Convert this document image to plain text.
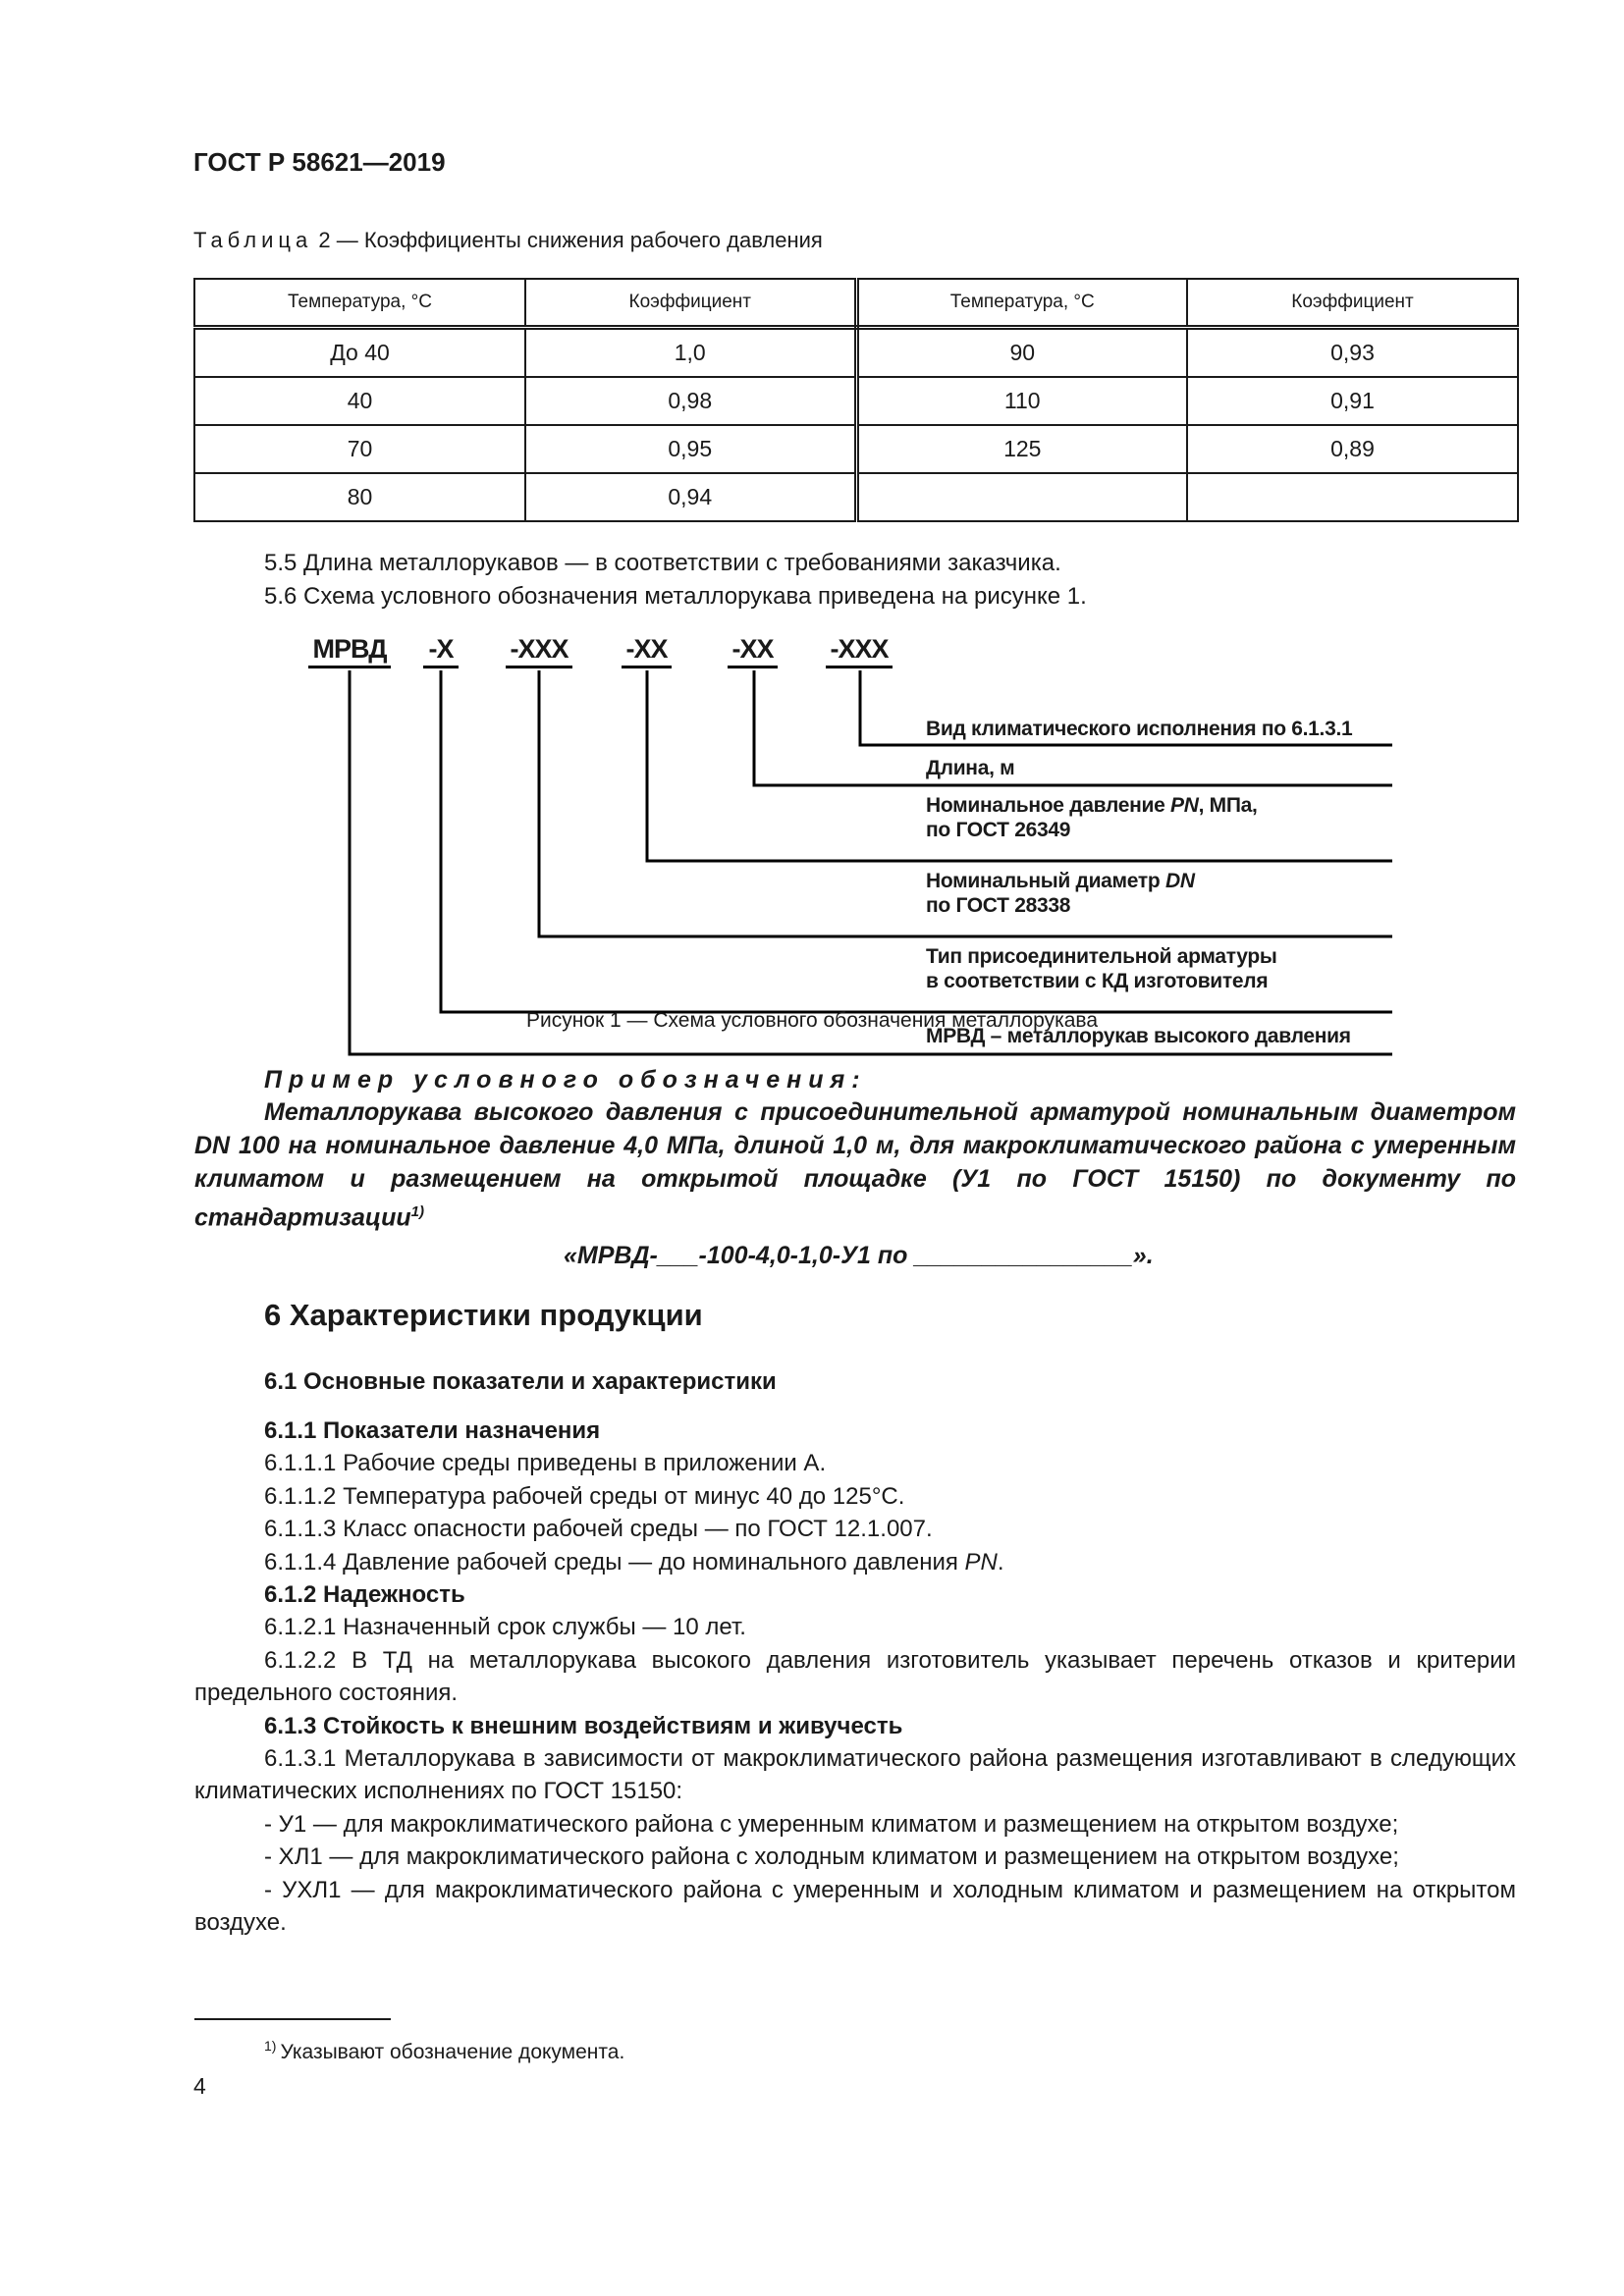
ГОСТ Р 58621—2019
Таблица 2 — Коэффициенты снижения рабочего давления
Температура, °С	Коэффициент	Температура, °С	Коэффициент
До 40	1,0	90	0,93
40	0,98	110	0,91
70	0,95	125	0,89
80	0,94		
5.5 Длина металлорукавов — в соответствии с требованиями заказчика.
5.6 Схема условного обозначения металлорукава приведена на рисунке 1.
МРВД -Х -ХХХ -ХХ -ХХ -ХХХ
Вид климатического исполнения по 6.1.3.1
Длина, м
Номинальное давление PN, МПа,
по ГОСТ 26349
Номинальный диаметр DN
по ГОСТ 28338
Тип присоединительной арматуры
в соответствии с КД изготовителя
МРВД – металлорукав высокого давления
Рисунок 1 — Схема условного обозначения металлорукава
Пример условного обозначения:
Металлорукава высокого давления с присоединительной арматурой номинальным диаметром DN 100 на номинальное давление 4,0 МПа, длиной 1,0 м, для макроклиматического района с умеренным климатом и размещением на открытой площадке (У1 по ГОСТ 15150) по документу по стандартизации$^{1)}$
«МРВД-___-100-4,0-1,0-У1 по ________________».
6 Характеристики продукции
6.1 Основные показатели и характеристики
6.1.1 Показатели назначения
6.1.1.1 Рабочие среды приведены в приложении А.
6.1.1.2 Температура рабочей среды от минус 40 до 125°С.
6.1.1.3 Класс опасности рабочей среды — по ГОСТ 12.1.007.
6.1.1.4 Давление рабочей среды — до номинального давления PN.
6.1.2 Надежность
6.1.2.1 Назначенный срок службы — 10 лет.
6.1.2.2 В ТД на металлорукава высокого давления изготовитель указывает перечень отказов и критерии предельного состояния.
6.1.3 Стойкость к внешним воздействиям и живучесть
6.1.3.1 Металлорукава в зависимости от макроклиматического района размещения изготавливают в следующих климатических исполнениях по ГОСТ 15150:
- У1 — для макроклиматического района с умеренным климатом и размещением на открытом воздухе;
- ХЛ1 — для макроклиматического района с холодным климатом и размещением на открытом воздухе;
- УХЛ1 — для макроклиматического района с умеренным и холодным климатом и размещением на открытом воздухе.
$^{1)}$ Указывают обозначение документа.
4
